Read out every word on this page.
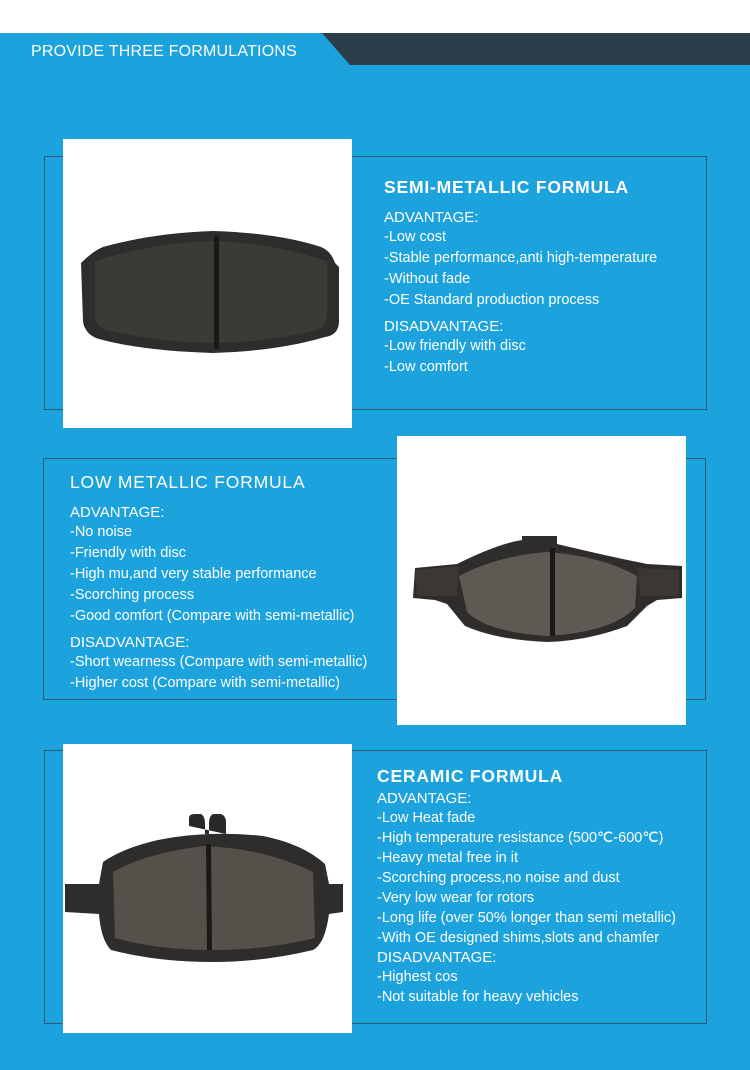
PROVIDE THREE FORMULATIONS
SEMI-METALLIC FORMULA
ADVANTAGE:
-Low cost
-Stable performance,anti high-temperature
-Without fade
-OE Standard production process
DISADVANTAGE:
-Low friendly with disc
-Low comfort
LOW METALLIC FORMULA
ADVANTAGE:
-No noise
-Friendly with disc
-High mu,and very stable performance
-Scorching process
-Good comfort (Compare with semi-metallic)
DISADVANTAGE:
-Short wearness (Compare with semi-metallic)
-Higher cost (Compare with semi-metallic)
CERAMIC FORMULA
ADVANTAGE:
-Low Heat fade
-High temperature resistance (500℃-600℃)
-Heavy metal free in it
-Scorching process,no noise and dust
-Very low wear for rotors
-Long life (over 50% longer than semi metallic)
-With OE designed shims,slots and chamfer
DISADVANTAGE:
-Highest cos
-Not suitable for heavy vehicles
